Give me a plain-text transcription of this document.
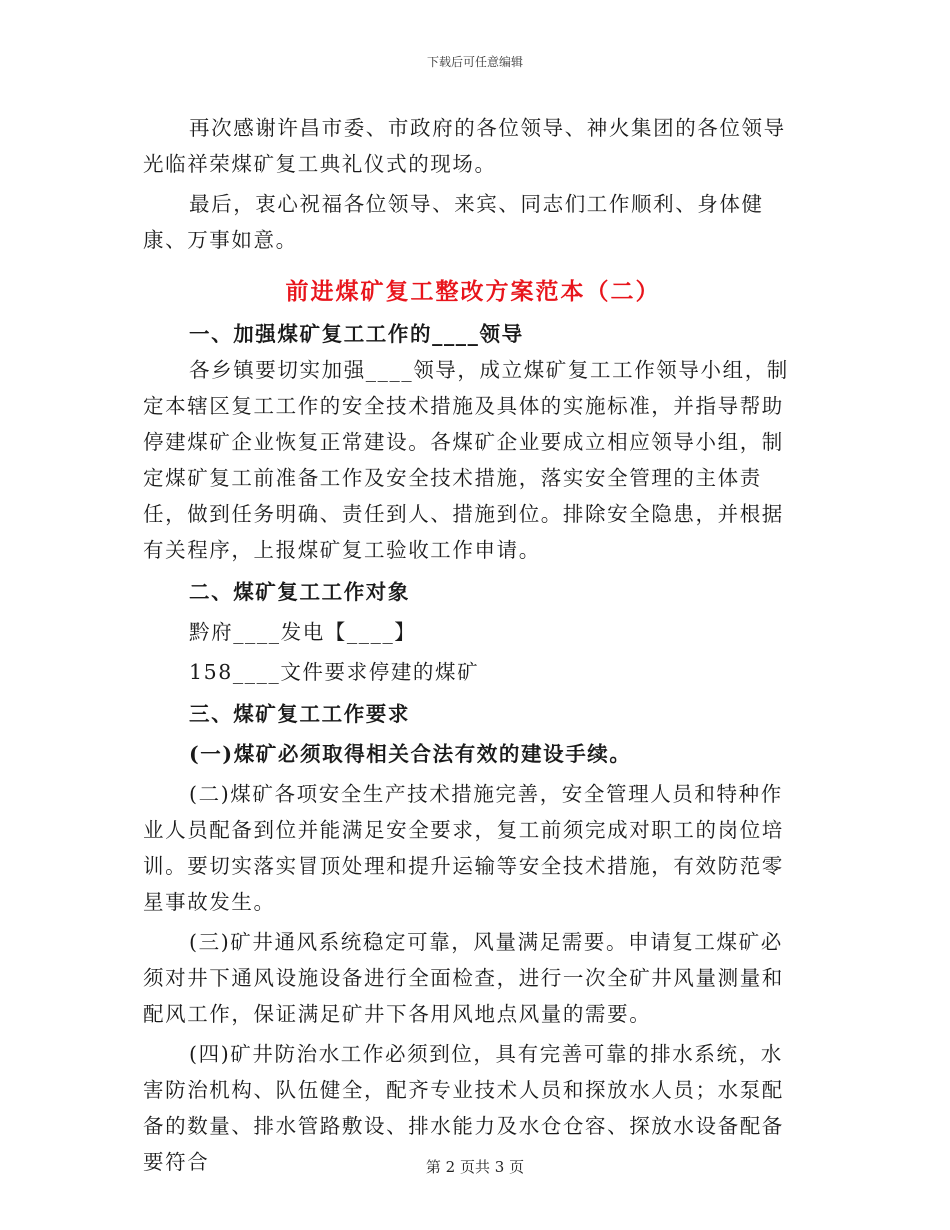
下载后可任意编辑

再次感谢许昌市委、市政府的各位领导、神火集团的各位领导光临祥荣煤矿复工典礼仪式的现场。

最后，衷心祝福各位领导、来宾、同志们工作顺利、身体健康、万事如意。

前进煤矿复工整改方案范本（二）

一、加强煤矿复工工作的____领导

各乡镇要切实加强____领导，成立煤矿复工工作领导小组，制定本辖区复工工作的安全技术措施及具体的实施标准，并指导帮助停建煤矿企业恢复正常建设。各煤矿企业要成立相应领导小组，制定煤矿复工前准备工作及安全技术措施，落实安全管理的主体责任，做到任务明确、责任到人、措施到位。排除安全隐患，并根据有关程序，上报煤矿复工验收工作申请。

二、煤矿复工工作对象

黔府____发电【____】

158____文件要求停建的煤矿

三、煤矿复工工作要求

(一)煤矿必须取得相关合法有效的建设手续。

(二)煤矿各项安全生产技术措施完善，安全管理人员和特种作业人员配备到位并能满足安全要求，复工前须完成对职工的岗位培训。要切实落实冒顶处理和提升运输等安全技术措施，有效防范零星事故发生。

(三)矿井通风系统稳定可靠，风量满足需要。申请复工煤矿必须对井下通风设施设备进行全面检查，进行一次全矿井风量测量和配风工作，保证满足矿井下各用风地点风量的需要。

(四)矿井防治水工作必须到位，具有完善可靠的排水系统，水害防治机构、队伍健全，配齐专业技术人员和探放水人员；水泵配备的数量、排水管路敷设、排水能力及水仓仓容、探放水设备配备要符合	第 2 页共 3 页
